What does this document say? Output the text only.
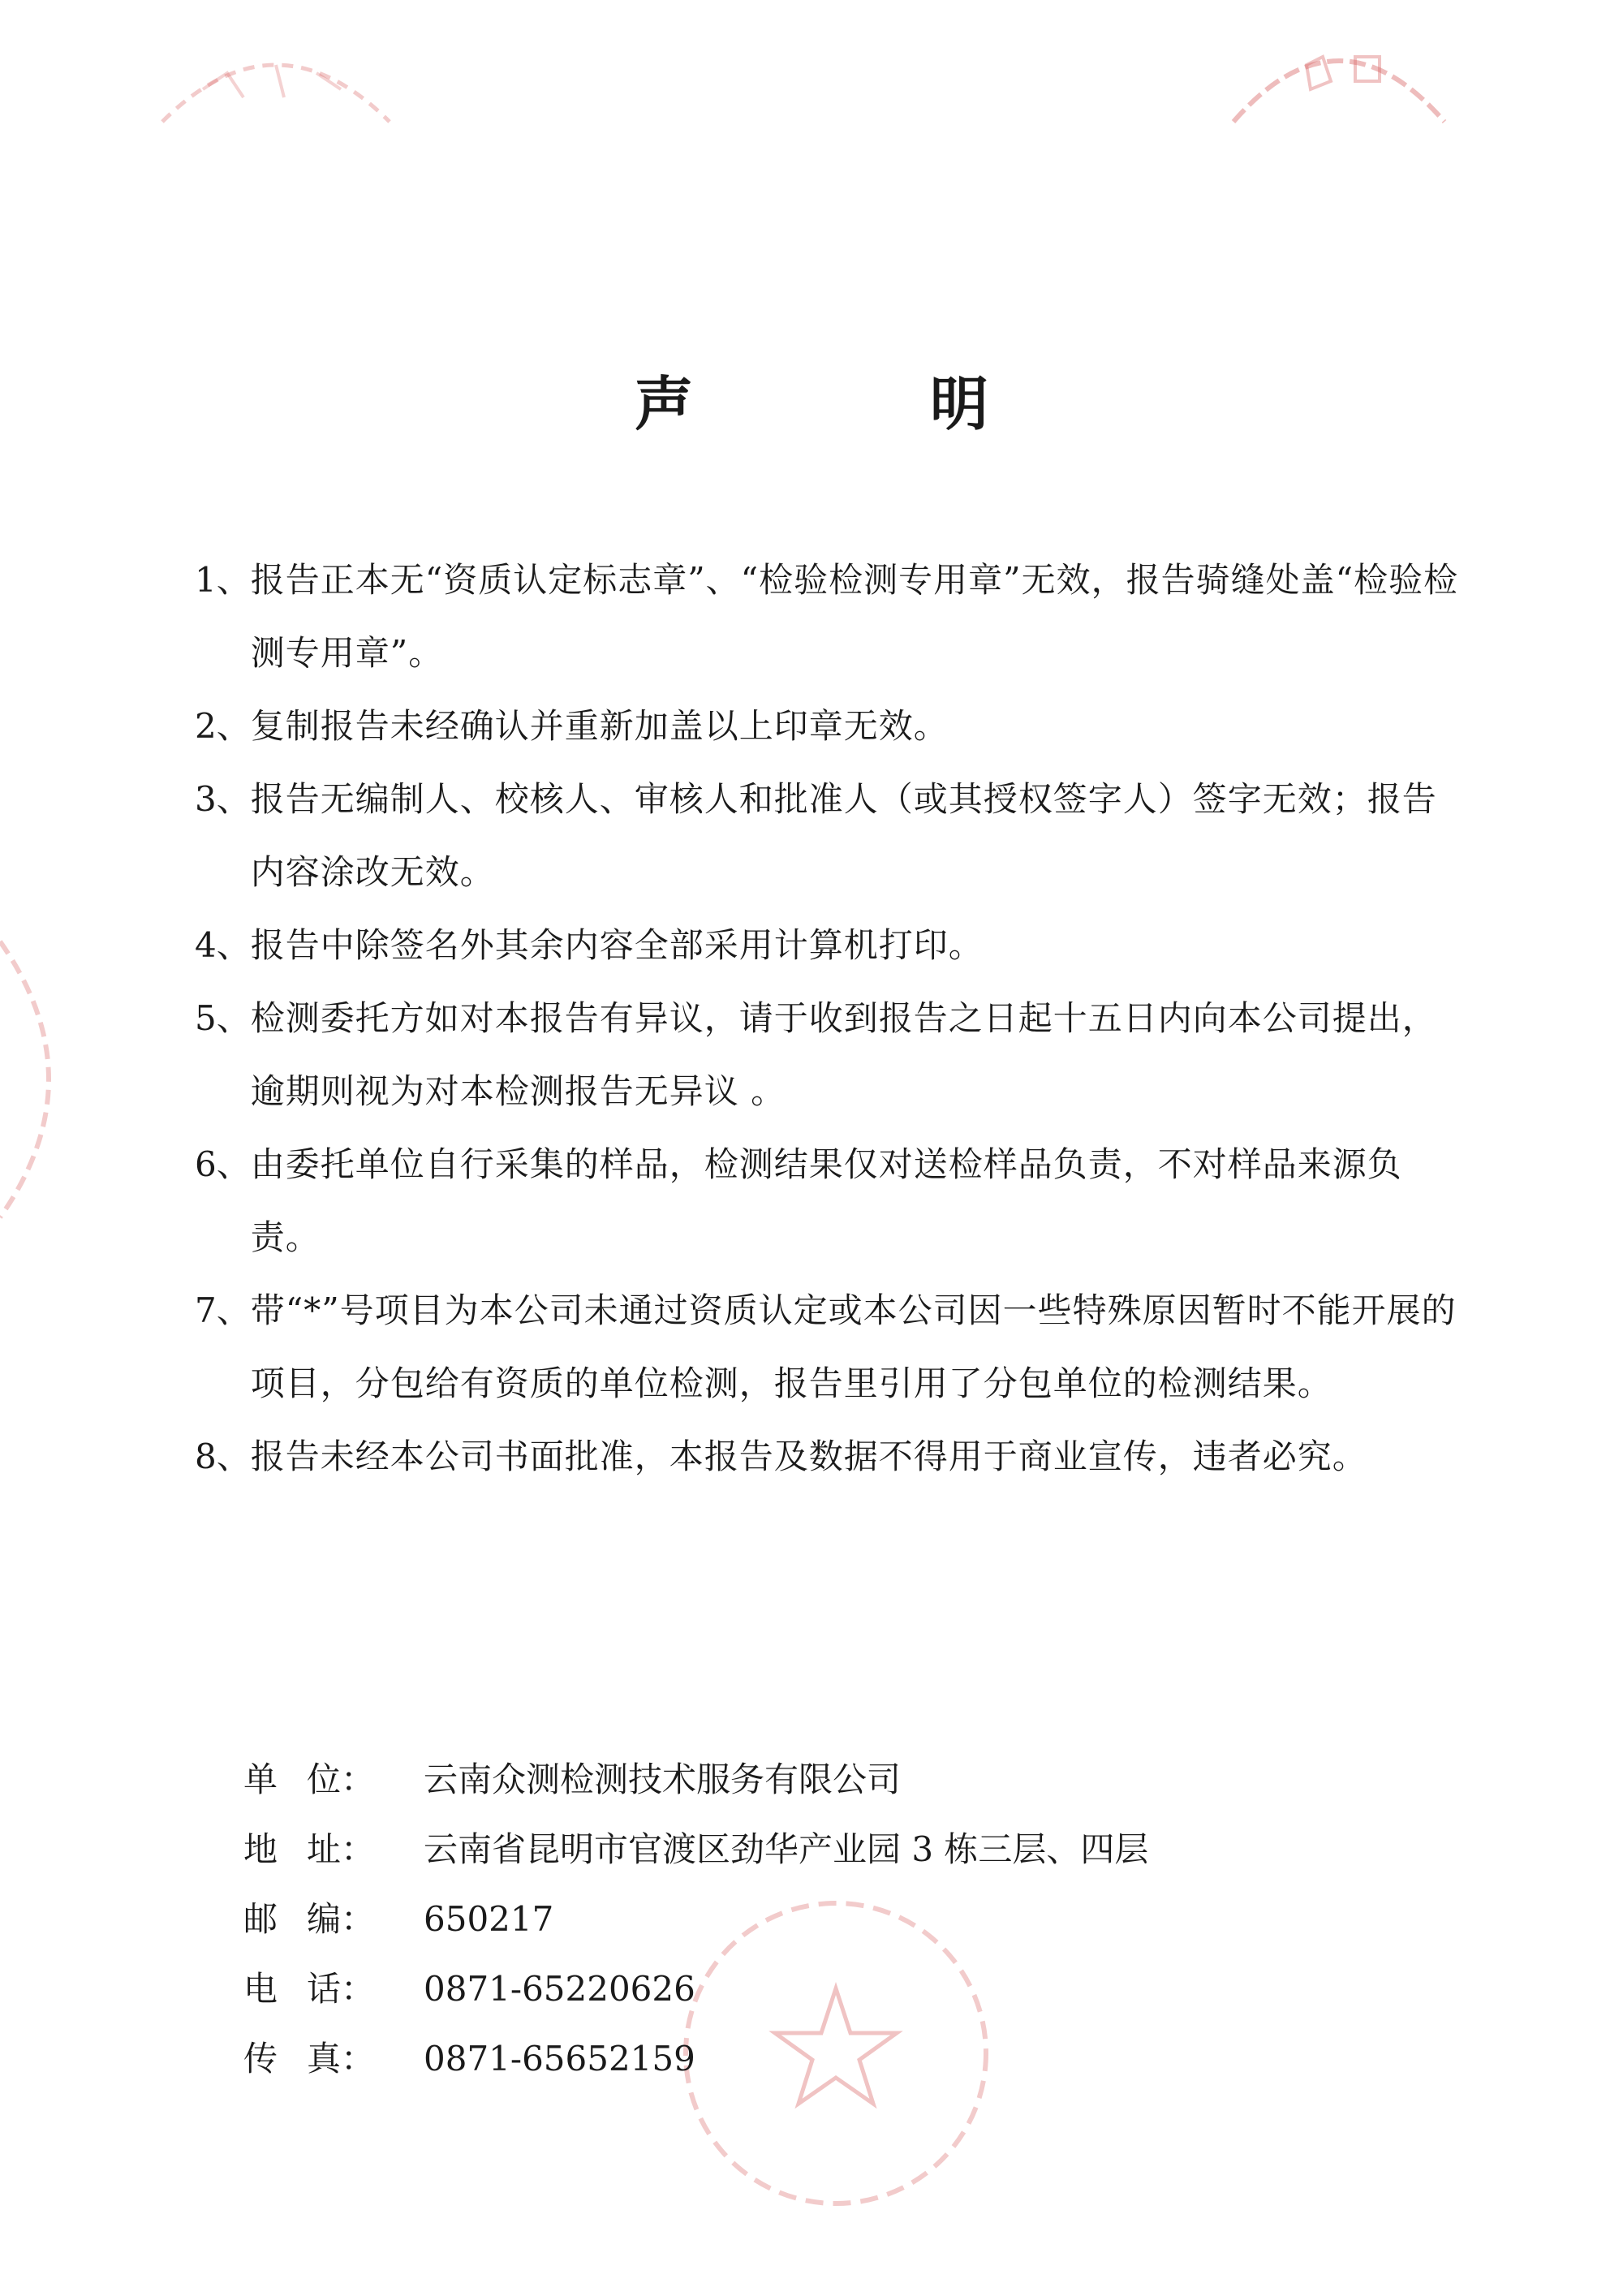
声　明
1、 报告正本无“资质认定标志章”、“检验检测专用章”无效，报告骑缝处盖“检验检测专用章”。
2、 复制报告未经确认并重新加盖以上印章无效。
3、 报告无编制人、校核人、审核人和批准人（或其授权签字人）签字无效；报告内容涂改无效。
4、 报告中除签名外其余内容全部采用计算机打印。
5、 检测委托方如对本报告有异议，请于收到报告之日起十五日内向本公司提出，逾期则视为对本检测报告无异议 。
6、 由委托单位自行采集的样品，检测结果仅对送检样品负责，不对样品来源负责。
7、 带“*”号项目为本公司未通过资质认定或本公司因一些特殊原因暂时不能开展的项目，分包给有资质的单位检测，报告里引用了分包单位的检测结果。
8、 报告未经本公司书面批准，本报告及数据不得用于商业宣传，违者必究。
单 位 ： 云南众测检测技术服务有限公司
地 址 ： 云南省昆明市官渡区劲华产业园 3 栋三层、四层
邮 编 ： 650217
电 话 ： 0871-65220626
传 真 ： 0871-65652159
